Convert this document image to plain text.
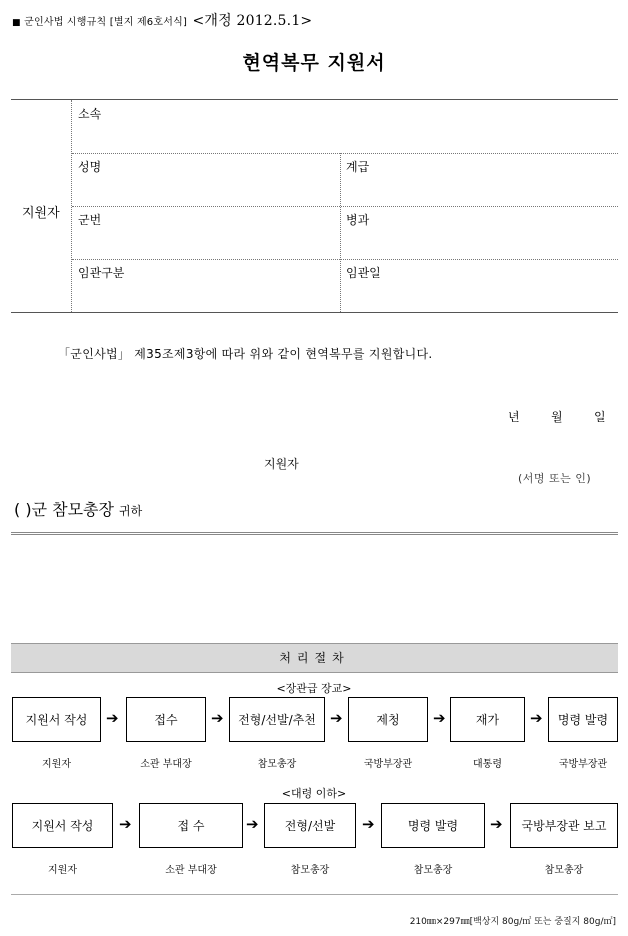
■ 군인사법 시행규칙 [별지 제6호서식] <개정 2012.5.1>
현역복무 지원서
지원자
소속
성명	계급
군번	병과
임관구분	임관일
「군인사법」 제35조제3항에 따라 위와 같이 현역복무를 지원합니다.
년	월	일
지원자
(서명 또는 인)
( )군 참모총장 귀하
처리절차
<장관급 장교>
지원서 작성	➔	접수	➔	전형/선발/추천 ➔	제청	➔	재가	➔	명령 발령
지원자	소관 부대장	참모총장	국방부장관	대통령	국방부장관
<대령 이하>
지원서 작성	➔	접 수	➔	전형/선발	➔	명령 발령	➔	국방부장관 보고
지원자	소관 부대장	참모총장	참모총장	참모총장
210㎜×297㎜[백상지 80g/㎡ 또는 중질지 80g/㎡]
